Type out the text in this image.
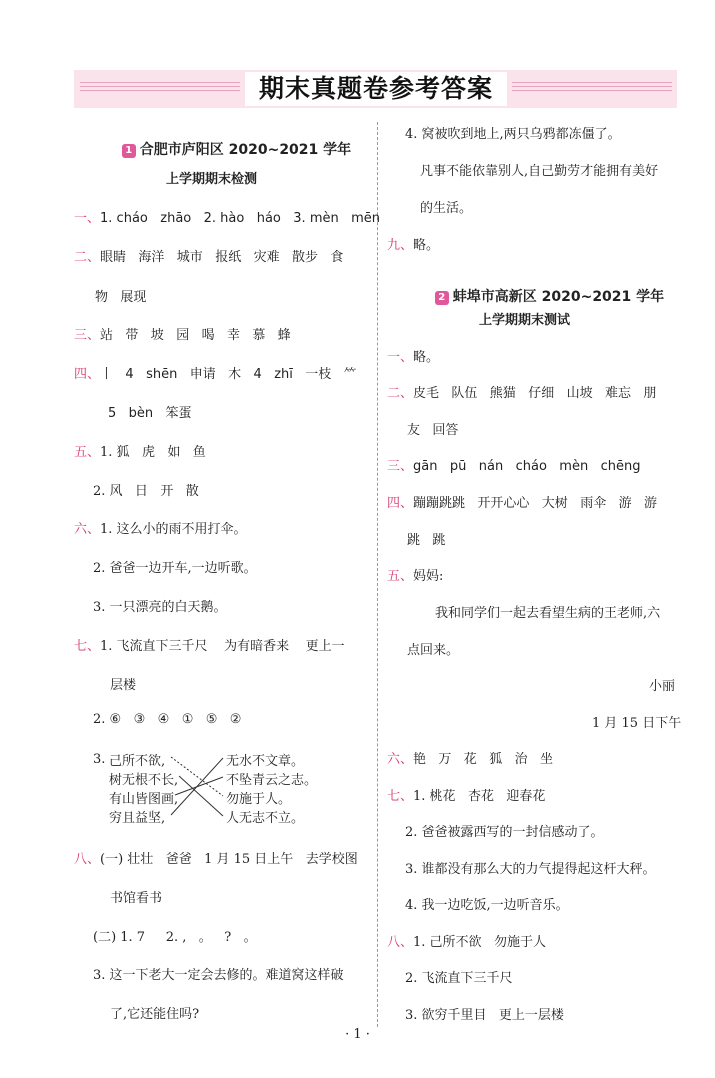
期末真题卷参考答案

1 合肥市庐阳区 2020~2021 学年

上学期期末检测
一、1. cháo   zhāo   2. hào   háo   3. mèn   mēn
二、眼睛   海洋   城市   报纸   灾难   散步   食
物   展现
三、站   带   坡   园   喝   幸   慕   蜂
四、丨   4   shēn   申请   木   4   zhī   一枝   ⺮
5   bèn   笨蛋
五、1. 狐   虎   如   鱼
2. 风   日   开   散
六、1. 这么小的雨不用打伞。
2. 爸爸一边开车,一边听歌。
3. 一只漂亮的白天鹅。
七、1. 飞流直下三千尺    为有暗香来    更上一
层楼
2. ⑥   ③   ④   ①   ⑤   ②
3. 己所不欲,
树无根不长,
有山皆图画,
穷且益坚,
无水不文章。
不坠青云之志。
勿施于人。
人无志不立。
八、(一) 壮壮   爸爸   1 月 15 日上午   去学校图
书馆看书
(二) 1. 7     2. ,   。   ?   。
3. 这一下老大一定会去修的。难道窝这样破
了,它还能住吗?
4. 窝被吹到地上,两只乌鸦都冻僵了。
凡事不能依靠别人,自己勤劳才能拥有美好
的生活。
九、略。

2 蚌埠市高新区 2020~2021 学年

上学期期末测试
一、略。
二、皮毛   队伍   熊猫   仔细   山坡   难忘   朋
友   回答
三、gān   pū   nán   cháo   mèn   chēng
四、蹦蹦跳跳   开开心心   大树   雨伞   游   游
跳   跳
五、妈妈:
我和同学们一起去看望生病的王老师,六
点回来。
小丽
1 月 15 日下午
六、艳   万   花   狐   治   坐
七、1. 桃花   杏花   迎春花
2. 爸爸被露西写的一封信感动了。
3. 谁都没有那么大的力气提得起这杆大秤。
4. 我一边吃饭,一边听音乐。
八、1. 己所不欲   勿施于人
2. 飞流直下三千尺
3. 欲穷千里目   更上一层楼
· 1 ·
